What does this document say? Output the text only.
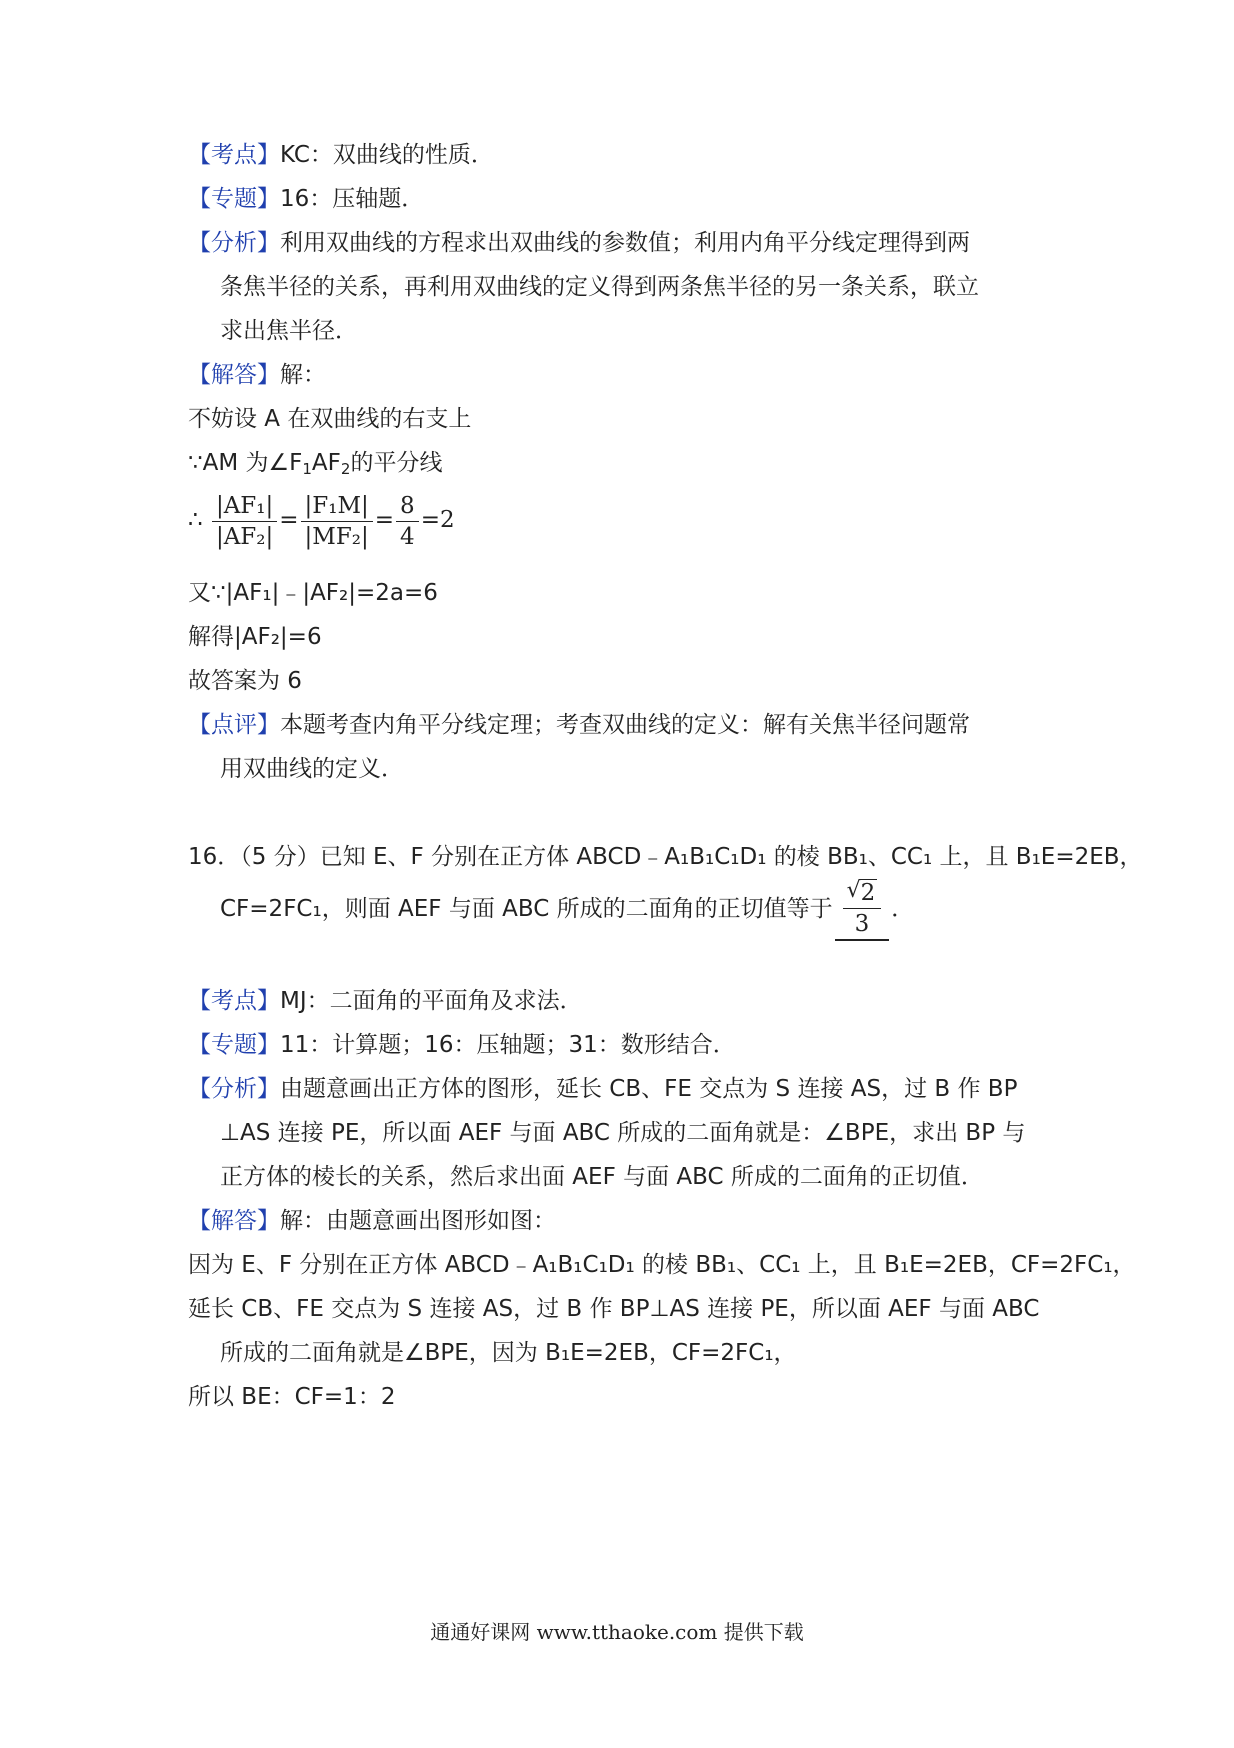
【考点】KC：双曲线的性质．
【专题】16：压轴题．
【分析】利用双曲线的方程求出双曲线的参数值；利用内角平分线定理得到两
条焦半径的关系，再利用双曲线的定义得到两条焦半径的另一条关系，联立
求出焦半径．
【解答】解：
不妨设 A 在双曲线的右支上
∵AM 为$\angle F_1AF_2$的平分线
∴ $\frac{\text{|AF₁|}}{\text{|AF₂|}} = \frac{\text{|F₁M|}}{\text{|MF₂|}} = \frac{8}{4} =2$
又∵|AF₁|﹣|AF₂|=2a=6
解得|AF₂|=6
故答案为 6
【点评】本题考查内角平分线定理；考查双曲线的定义：解有关焦半径问题常
用双曲线的定义．
16．（5 分）已知 E、F 分别在正方体 ABCD﹣A₁B₁C₁D₁ 的棱 BB₁、CC₁ 上，且 B₁E=2EB，
CF=2FC₁，则面 AEF 与面 ABC 所成的二面角的正切值等于
√ $\frac{2}{3}$ ．
【考点】MJ：二面角的平面角及求法．
【专题】11：计算题；16：压轴题；31：数形结合．
【分析】由题意画出正方体的图形，延长 CB、FE 交点为 S 连接 AS，过 B 作 BP
⊥AS 连接 PE，所以面 AEF 与面 ABC 所成的二面角就是：∠BPE，求出 BP 与
正方体的棱长的关系，然后求出面 AEF 与面 ABC 所成的二面角的正切值．
【解答】解：由题意画出图形如图：
因为 E、F 分别在正方体 ABCD﹣A₁B₁C₁D₁ 的棱 BB₁、CC₁ 上，且 B₁E=2EB，CF=2FC₁，
延长 CB、FE 交点为 S 连接 AS，过 B 作 BP⊥AS 连接 PE，所以面 AEF 与面 ABC
所成的二面角就是∠BPE，因为 B₁E=2EB，CF=2FC₁，
所以 BE：CF=1：2
通通好课网 www.tthaoke.com 提供下载
